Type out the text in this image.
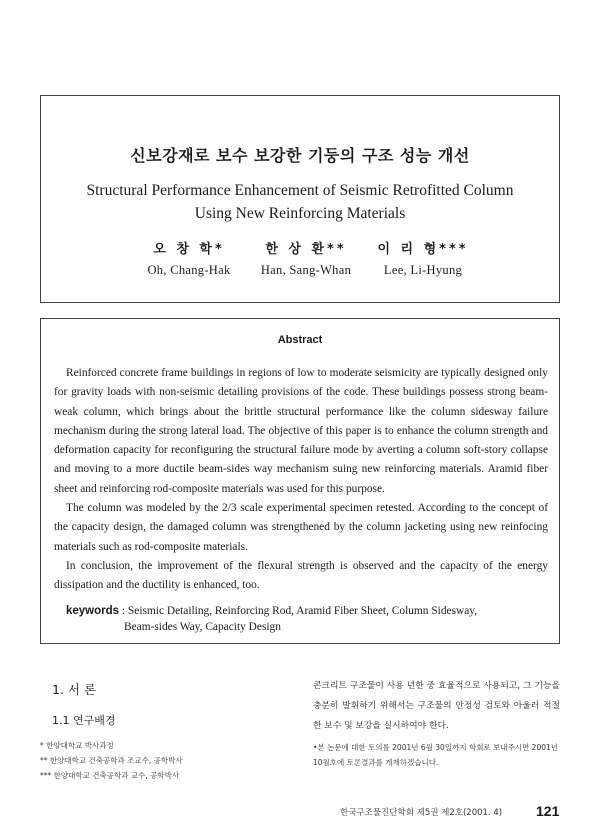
신보강재로 보수 보강한 기둥의 구조 성능 개선
Structural Performance Enhancement of Seismic Retrofitted Column
Using New Reinforcing Materials
오 창 학*
Oh, Chang-Hak
한 상 환**
Han, Sang-Whan
이 리 형***
Lee, Li-Hyung
Abstract

Reinforced concrete frame buildings in regions of low to moderate seismicity are typically designed only for gravity loads with non-seismic detailing provisions of the code. These buildings possess strong beam-weak column, which brings about the brittle structural performance like the column sidesway failure mechanism during the strong lateral load. The objective of this paper is to enhance the column strength and deformation capacity for reconfiguring the structural failure mode by averting a column soft-story collapse and moving to a more ductile beam-sides way mechanism suing new reinforcing materials. Aramid fiber sheet and reinforcing rod-composite materials was used for this purpose.

The column was modeled by the 2/3 scale experimental specimen retested. According to the concept of the capacity design, the damaged column was strengthened by the column jacketing using new reinfocing materials such as rod-composite materials.

In conclusion, the improvement of the flexural strength is observed and the capacity of the energy dissipation and the ductility is enhanced, too.

keywords : Seismic Detailing, Reinforcing Rod, Aramid Fiber Sheet, Column Sidesway,
Beam-sides Way, Capacity Design
1. 서 론
1.1 연구배경
* 한양대학교 박사과정
** 한양대학교 건축공학과 조교수, 공학박사
*** 한양대학교 건축공학과 교수, 공학박사
콘크리트 구조물이 사용 년한 중 효율적으로 사용되고, 그 기능을 충분히 발휘하기 위해서는 구조물의 안정성 검토와 아울러 적절한 보수 및 보강을 실시하여야 한다.
•본 논문에 대한 토의를 2001년 6월 30일까지 학회로 보내주시면 2001년 10월호에 토론결과를 게재하겠습니다.
한국구조물진단학회 제5권 제2호(2001. 4) 121
